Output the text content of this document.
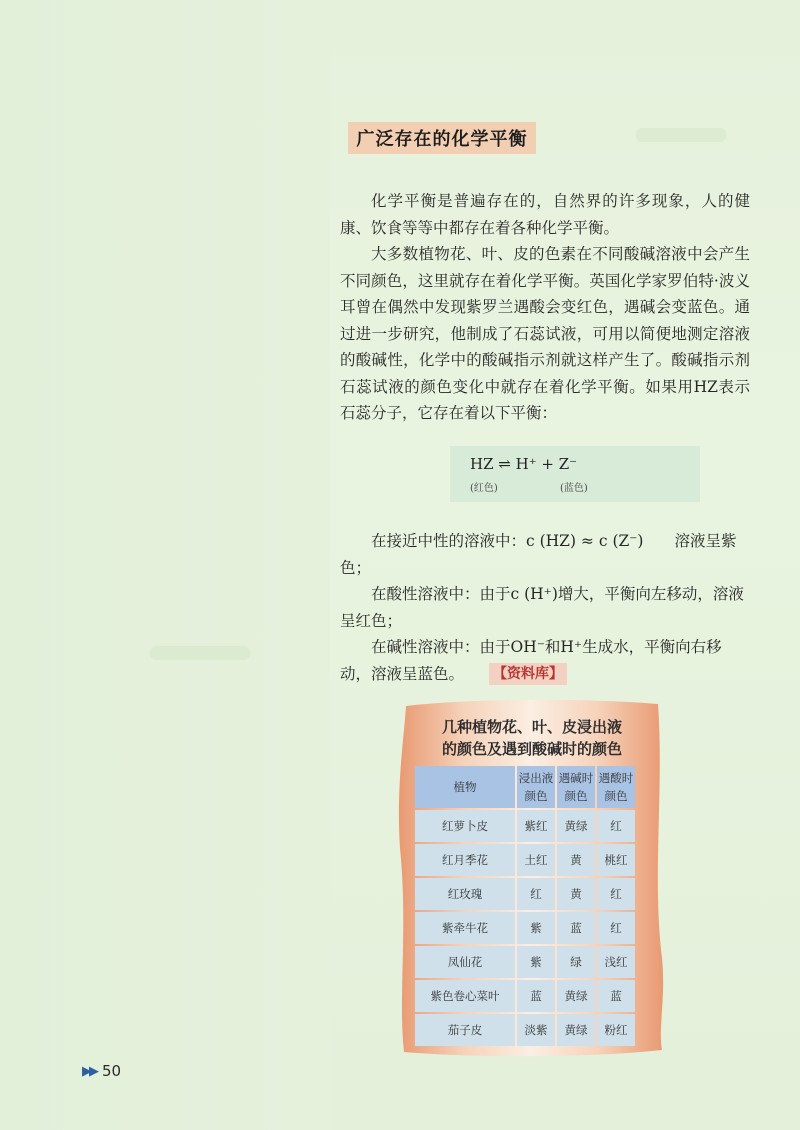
广泛存在的化学平衡

化学平衡是普遍存在的，自然界的许多现象，人的健康、饮食等等中都存在着各种化学平衡。

大多数植物花、叶、皮的色素在不同酸碱溶液中会产生不同颜色，这里就存在着化学平衡。英国化学家罗伯特·波义耳曾在偶然中发现紫罗兰遇酸会变红色，遇碱会变蓝色。通过进一步研究，他制成了石蕊试液，可用以简便地测定溶液的酸碱性，化学中的酸碱指示剂就这样产生了。酸碱指示剂石蕊试液的颜色变化中就存在着化学平衡。如果用HZ表示石蕊分子，它存在着以下平衡：

HZ ⇌ H⁺ + Z⁻
(红色)	(蓝色)

在接近中性的溶液中：c (HZ) ≈ c (Z⁻)　　溶液呈紫色；

在酸性溶液中：由于c (H⁺)增大，平衡向左移动，溶液呈红色；

在碱性溶液中：由于OH⁻和H⁺生成水，平衡向右移动，溶液呈蓝色。	【资料库】
几种植物花、叶、皮浸出液
的颜色及遇到酸碱时的颜色
植物	浸出液颜色	遇碱时颜色	遇酸时颜色
红萝卜皮	紫红	黄绿	红
红月季花	土红	黄	桃红
红玫瑰	红	黄	红
紫牵牛花	紫	蓝	红
凤仙花	紫	绿	浅红
紫色卷心菜叶	蓝	黄绿	蓝
茄子皮	淡紫	黄绿	粉红
▶▶ 50
